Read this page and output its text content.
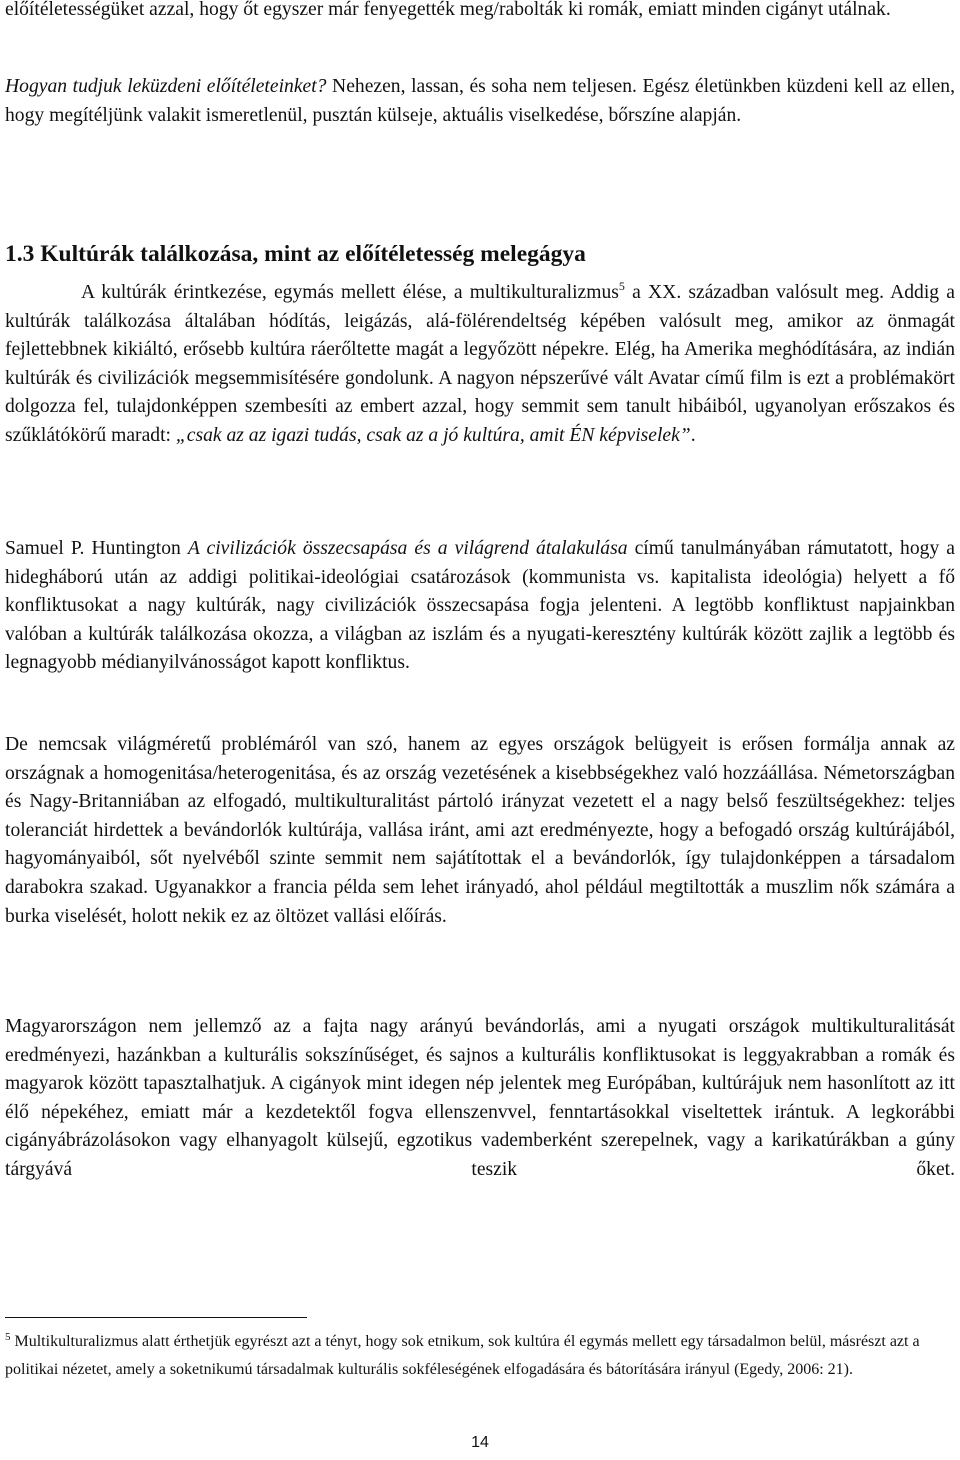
előítéletességüket azzal, hogy őt egyszer már fenyegették meg/rabolták ki romák, emiatt minden cigányt utálnak.

Hogyan tudjuk leküzdeni előítéleteinket? Nehezen, lassan, és soha nem teljesen. Egész életünkben küzdeni kell az ellen, hogy megítéljünk valakit ismeretlenül, pusztán külseje, aktuális viselkedése, bőrszíne alapján.

1.3 Kultúrák találkozása, mint az előítéletesség melegágya

A kultúrák érintkezése, egymás mellett élése, a multikulturalizmus$^5$ a XX. században valósult meg. Addig a kultúrák találkozása általában hódítás, leigázás, alá-fölérendeltség képében valósult meg, amikor az önmagát fejlettebbnek kikiáltó, erősebb kultúra ráerőltette magát a legyőzött népekre. Elég, ha Amerika meghódítására, az indián kultúrák és civilizációk megsemmisítésére gondolunk. A nagyon népszerűvé vált Avatar című film is ezt a problémakört dolgozza fel, tulajdonképpen szembesíti az embert azzal, hogy semmit sem tanult hibáiból, ugyanolyan erőszakos és szűklátókörű maradt: „csak az az igazi tudás, csak az a jó kultúra, amit ÉN képviselek”.

Samuel P. Huntington A civilizációk összecsapása és a világrend átalakulása című tanulmányában rámutatott, hogy a hidegháború után az addigi politikai-ideológiai csatározások (kommunista vs. kapitalista ideológia) helyett a fő konfliktusokat a nagy kultúrák, nagy civilizációk összecsapása fogja jelenteni. A legtöbb konfliktust napjainkban valóban a kultúrák találkozása okozza, a világban az iszlám és a nyugati-keresztény kultúrák között zajlik a legtöbb és legnagyobb médianyilvánosságot kapott konfliktus.

De nemcsak világméretű problémáról van szó, hanem az egyes országok belügyeit is erősen formálja annak az országnak a homogenitása/heterogenitása, és az ország vezetésének a kisebbségekhez való hozzáállása. Németországban és Nagy-Britanniában az elfogadó, multikulturalitást pártoló irányzat vezetett el a nagy belső feszültségekhez: teljes toleranciát hirdettek a bevándorlók kultúrája, vallása iránt, ami azt eredményezte, hogy a befogadó ország kultúrájából, hagyományaiból, sőt nyelvéből szinte semmit nem sajátítottak el a bevándorlók, így tulajdonképpen a társadalom darabokra szakad. Ugyanakkor a francia példa sem lehet irányadó, ahol például megtiltották a muszlim nők számára a burka viselését, holott nekik ez az öltözet vallási előírás.

Magyarországon nem jellemző az a fajta nagy arányú bevándorlás, ami a nyugati országok multikulturalitását eredményezi, hazánkban a kulturális sokszínűséget, és sajnos a kulturális konfliktusokat is leggyakrabban a romák és magyarok között tapasztalhatjuk. A cigányok mint idegen nép jelentek meg Európában, kultúrájuk nem hasonlított az itt élő népekéhez, emiatt már a kezdetektől fogva ellenszenvvel, fenntartásokkal viseltettek irántuk. A legkorábbi cigányábrázolásokon vagy elhanyagolt külsejű, egzotikus vademberként szerepelnek, vagy a karikatúrákban a gúny tárgyává teszik őket.

$^5$ Multikulturalizmus alatt érthetjük egyrészt azt a tényt, hogy sok etnikum, sok kultúra él egymás mellett egy társadalmon belül, másrészt azt a politikai nézetet, amely a soketnikumú társadalmak kulturális sokféleségének elfogadására és bátorítására irányul (Egedy, 2006: 21).

14
